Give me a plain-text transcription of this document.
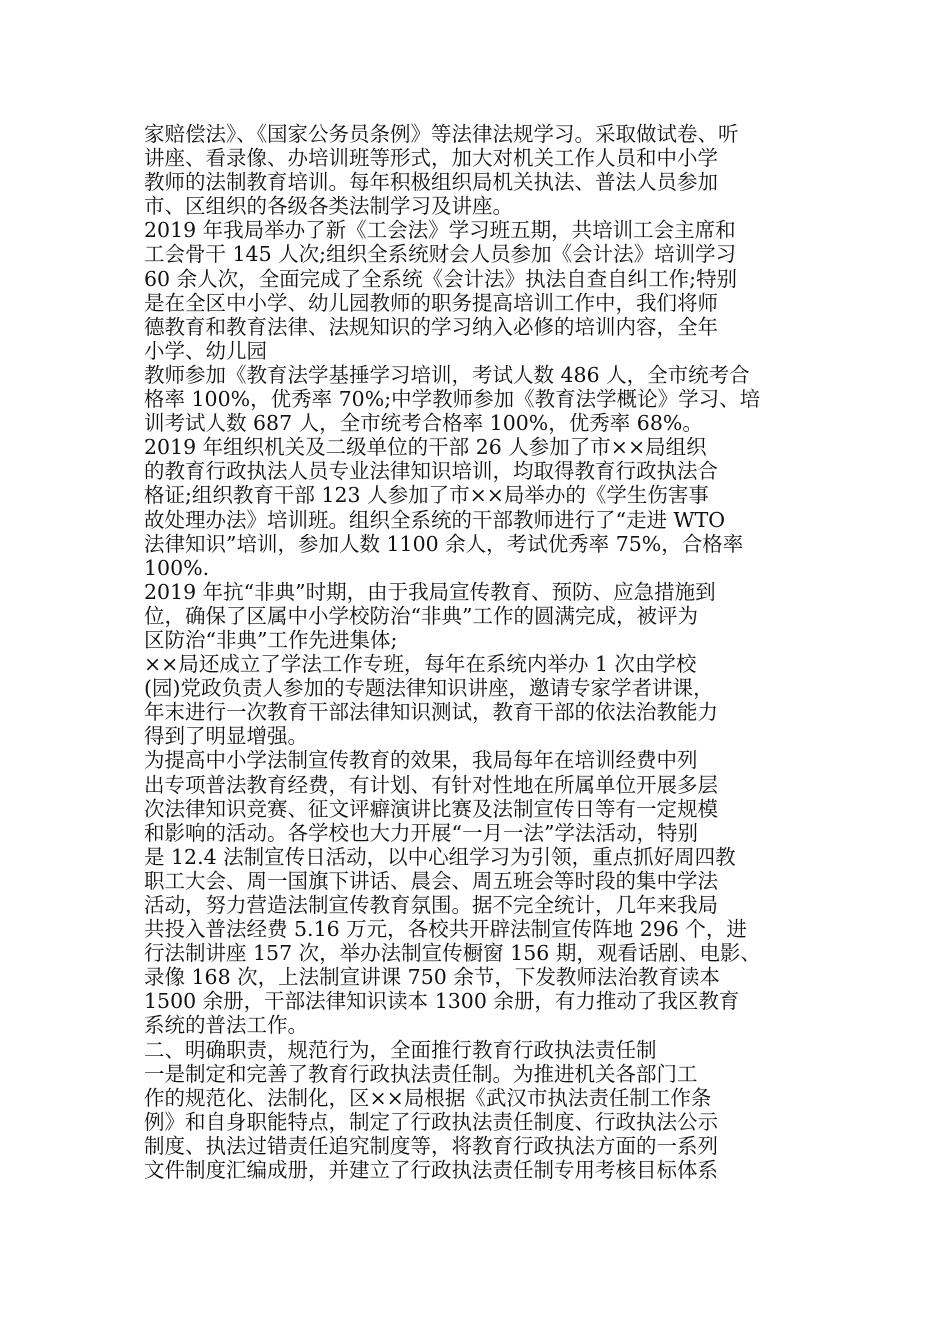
家赔偿法》、《国家公务员条例》等法律法规学习。采取做试卷、听
讲座、看录像、办培训班等形式，加大对机关工作人员和中小学
教师的法制教育培训。每年积极组织局机关执法、普法人员参加
市、区组织的各级各类法制学习及讲座。
2019 年我局举办了新《工会法》学习班五期，共培训工会主席和
工会骨干 145 人次;组织全系统财会人员参加《会计法》培训学习
60 余人次，全面完成了全系统《会计法》执法自查自纠工作;特别
是在全区中小学、幼儿园教师的职务提高培训工作中，我们将师
德教育和教育法律、法规知识的学习纳入必修的培训内容，全年
小学、幼儿园
教师参加《教育法学基捶学习培训，考试人数 486 人，全市统考合
格率 100%，优秀率 70%;中学教师参加《教育法学概论》学习、培
训考试人数 687 人，全市统考合格率 100%，优秀率 68%。
2019 年组织机关及二级单位的干部 26 人参加了市××局组织
的教育行政执法人员专业法律知识培训，均取得教育行政执法合
格证;组织教育干部 123 人参加了市××局举办的《学生伤害事
故处理办法》培训班。组织全系统的干部教师进行了“走进 WTO
法律知识”培训，参加人数 1100 余人，考试优秀率 75%，合格率
100%.
2019 年抗“非典”时期，由于我局宣传教育、预防、应急措施到
位，确保了区属中小学校防治“非典”工作的圆满完成，被评为
区防治“非典”工作先进集体;
××局还成立了学法工作专班，每年在系统内举办 1 次由学校
(园)党政负责人参加的专题法律知识讲座，邀请专家学者讲课，
年末进行一次教育干部法律知识测试，教育干部的依法治教能力
得到了明显增强。
为提高中小学法制宣传教育的效果，我局每年在培训经费中列
出专项普法教育经费，有计划、有针对性地在所属单位开展多层
次法律知识竞赛、征文评癖演讲比赛及法制宣传日等有一定规模
和影响的活动。各学校也大力开展“一月一法”学法活动，特别
是 12.4 法制宣传日活动，以中心组学习为引领，重点抓好周四教
职工大会、周一国旗下讲话、晨会、周五班会等时段的集中学法
活动，努力营造法制宣传教育氛围。据不完全统计，几年来我局
共投入普法经费 5.16 万元，各校共开辟法制宣传阵地 296 个，进
行法制讲座 157 次，举办法制宣传橱窗 156 期，观看话剧、电影、
录像 168 次，上法制宣讲课 750 余节，下发教师法治教育读本
1500 余册，干部法律知识读本 1300 余册，有力推动了我区教育
系统的普法工作。
二、明确职责，规范行为，全面推行教育行政执法责任制
一是制定和完善了教育行政执法责任制。为推进机关各部门工
作的规范化、法制化，区××局根据《武汉市执法责任制工作条
例》和自身职能特点，制定了行政执法责任制度、行政执法公示
制度、执法过错责任追究制度等，将教育行政执法方面的一系列
文件制度汇编成册，并建立了行政执法责任制专用考核目标体系
